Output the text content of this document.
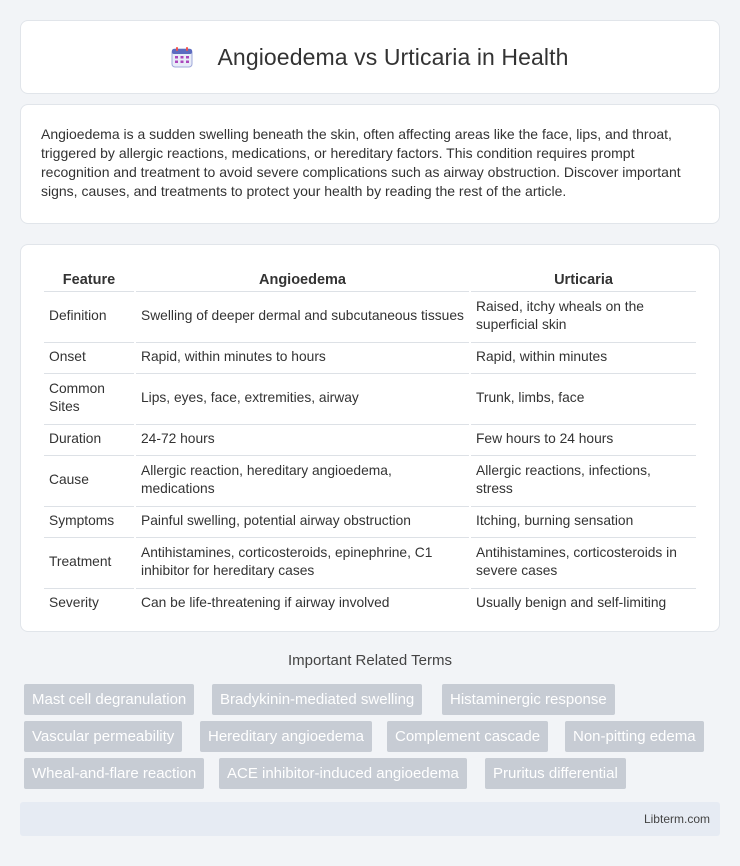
Angioedema vs Urticaria in Health

Angioedema is a sudden swelling beneath the skin, often affecting areas like the face, lips, and throat, triggered by allergic reactions, medications, or hereditary factors. This condition requires prompt recognition and treatment to avoid severe complications such as airway obstruction. Discover important signs, causes, and treatments to protect your health by reading the rest of the article.

Feature	Angioedema	Urticaria
Definition	Swelling of deeper dermal and subcutaneous tissues	Raised, itchy wheals on the superficial skin
Onset	Rapid, within minutes to hours	Rapid, within minutes
Common Sites	Lips, eyes, face, extremities, airway	Trunk, limbs, face
Duration	24-72 hours	Few hours to 24 hours
Cause	Allergic reaction, hereditary angioedema, medications	Allergic reactions, infections, stress
Symptoms	Painful swelling, potential airway obstruction	Itching, burning sensation
Treatment	Antihistamines, corticosteroids, epinephrine, C1 inhibitor for hereditary cases	Antihistamines, corticosteroids in severe cases
Severity	Can be life-threatening if airway involved	Usually benign and self-limiting
Important Related Terms
Mast cell degranulation	Bradykinin-mediated swelling	Histaminergic response
Vascular permeability	Hereditary angioedema	Complement cascade	Non-pitting edema
Wheal-and-flare reaction	ACE inhibitor-induced angioedema	Pruritus differential
Libterm.com
